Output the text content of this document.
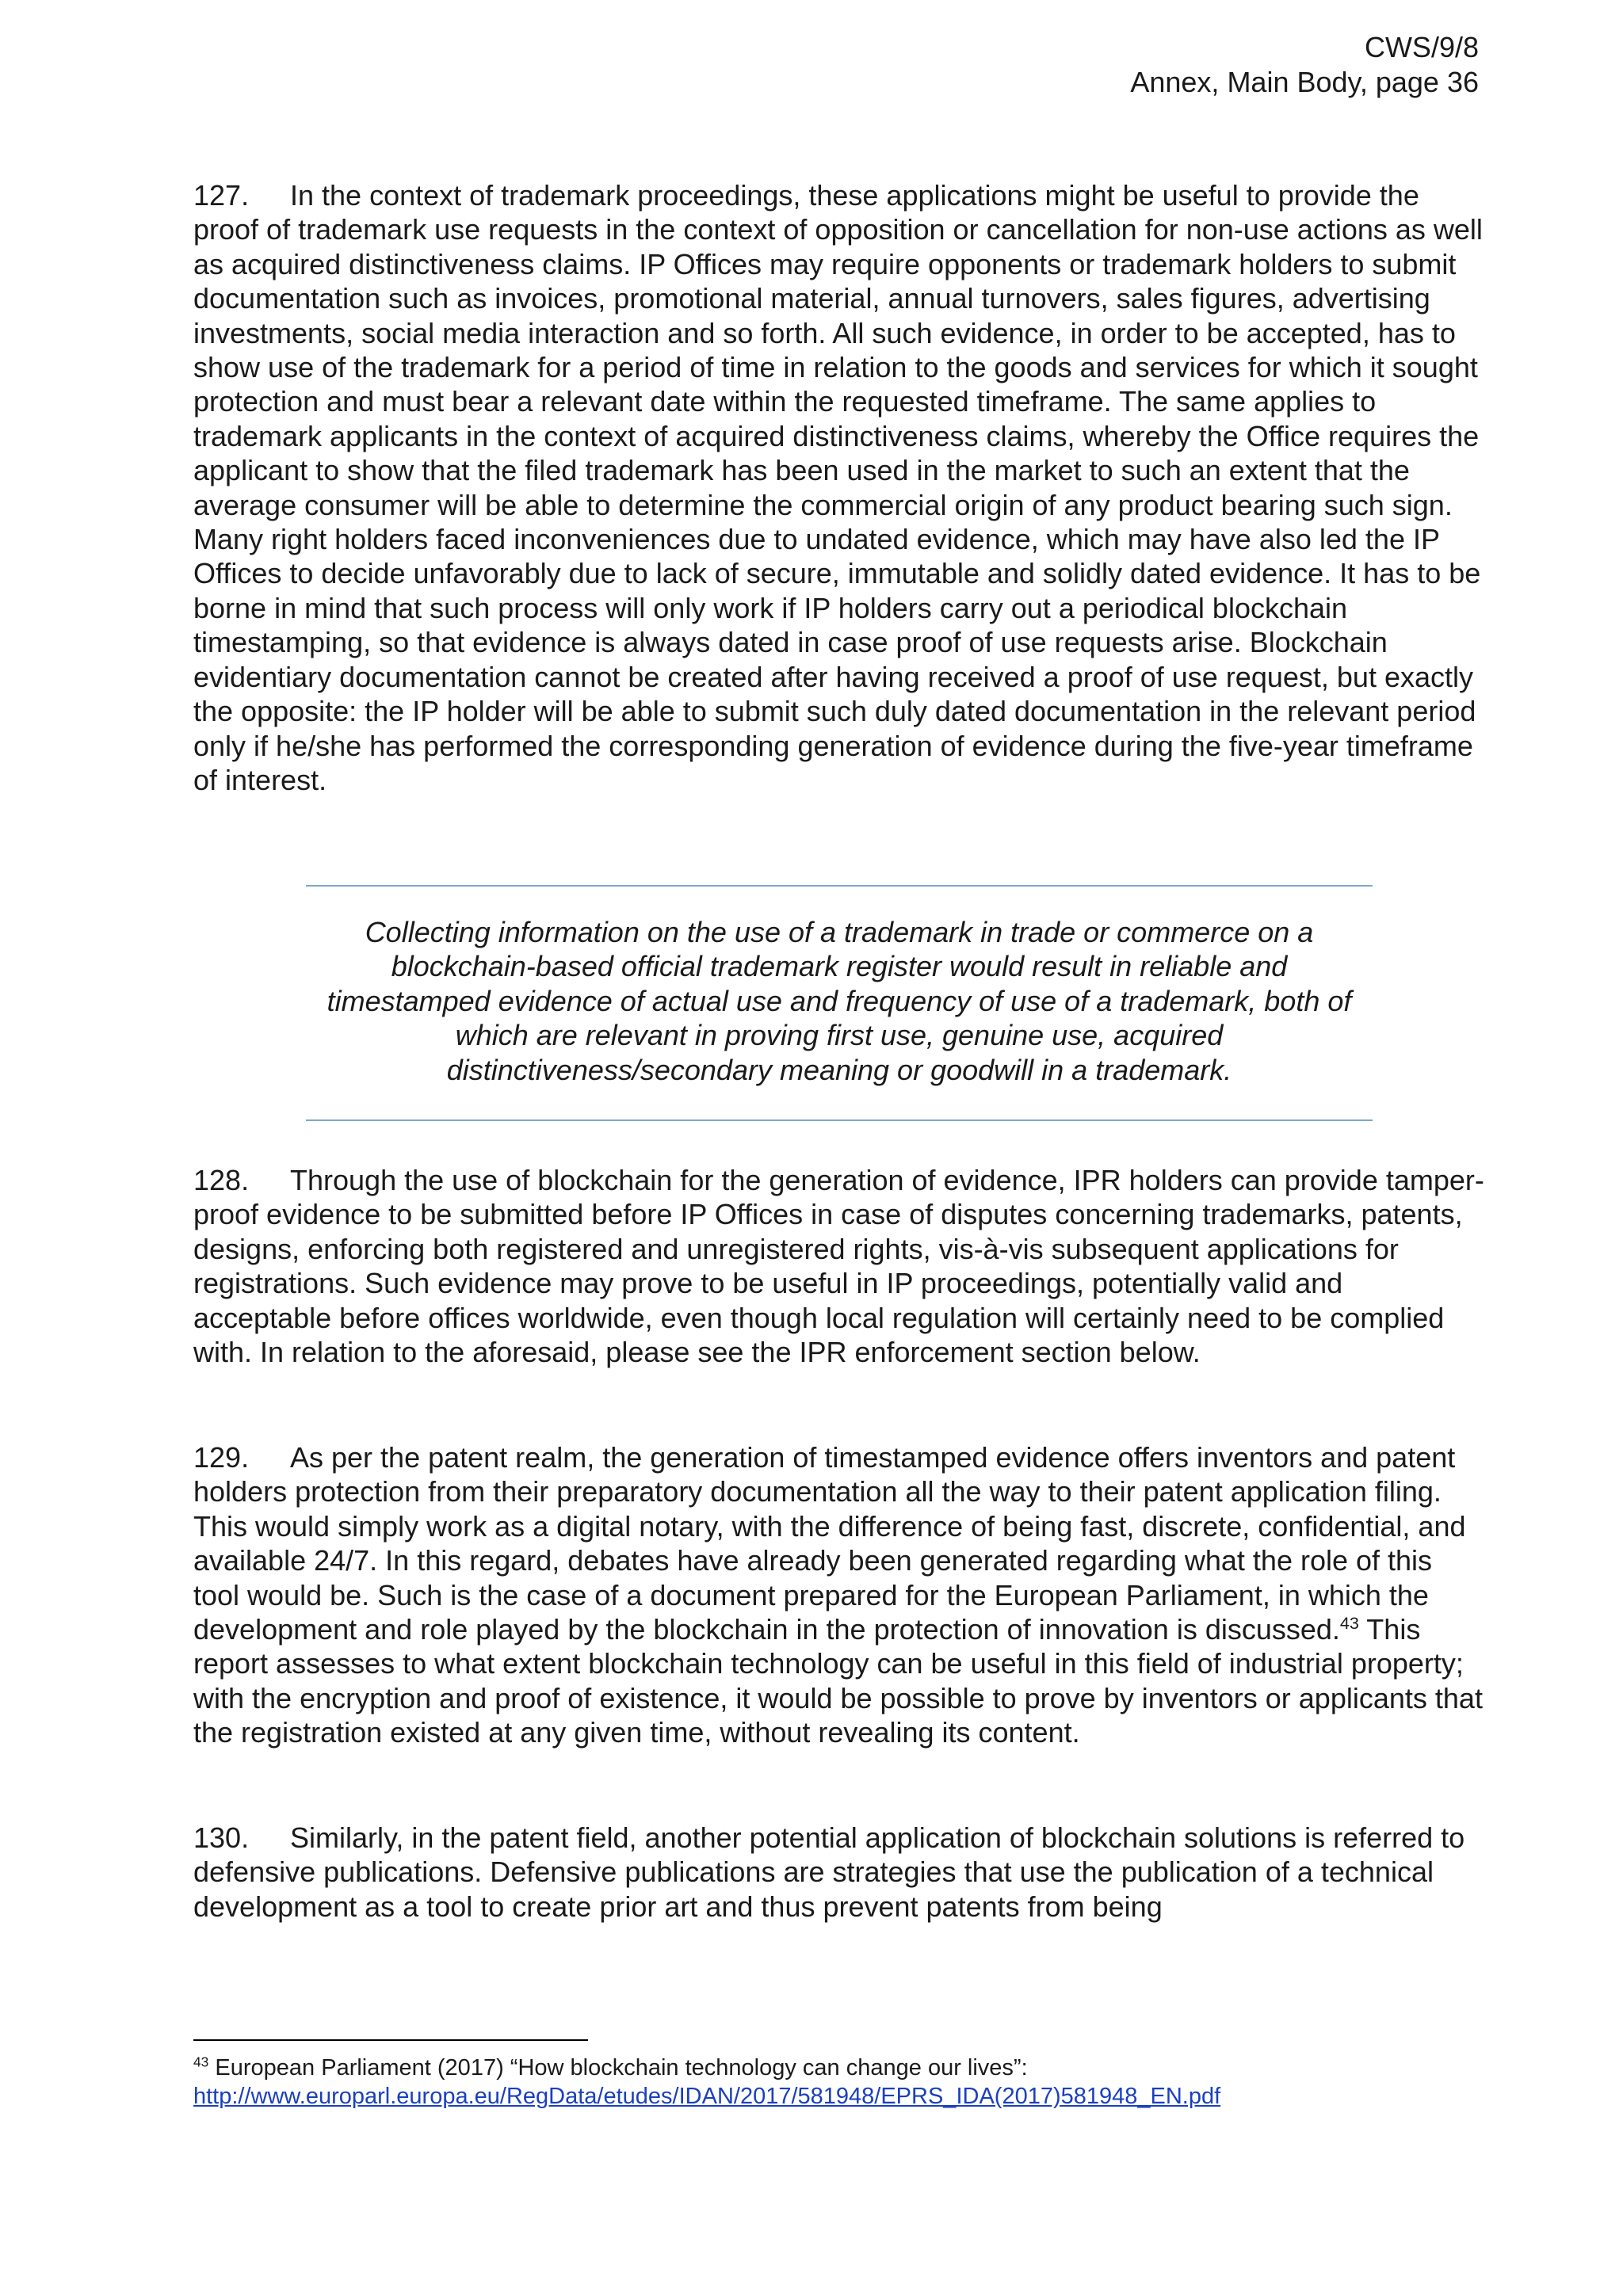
CWS/9/8
Annex, Main Body, page 36

127. In the context of trademark proceedings, these applications might be useful to provide the proof of trademark use requests in the context of opposition or cancellation for non-use actions as well as acquired distinctiveness claims. IP Offices may require opponents or trademark holders to submit documentation such as invoices, promotional material, annual turnovers, sales figures, advertising investments, social media interaction and so forth. All such evidence, in order to be accepted, has to show use of the trademark for a period of time in relation to the goods and services for which it sought protection and must bear a relevant date within the requested timeframe. The same applies to trademark applicants in the context of acquired distinctiveness claims, whereby the Office requires the applicant to show that the filed trademark has been used in the market to such an extent that the average consumer will be able to determine the commercial origin of any product bearing such sign. Many right holders faced inconveniences due to undated evidence, which may have also led the IP Offices to decide unfavorably due to lack of secure, immutable and solidly dated evidence. It has to be borne in mind that such process will only work if IP holders carry out a periodical blockchain timestamping, so that evidence is always dated in case proof of use requests arise. Blockchain evidentiary documentation cannot be created after having received a proof of use request, but exactly the opposite: the IP holder will be able to submit such duly dated documentation in the relevant period only if he/she has performed the corresponding generation of evidence during the five-year timeframe of interest.

Collecting information on the use of a trademark in trade or commerce on a blockchain-based official trademark register would result in reliable and timestamped evidence of actual use and frequency of use of a trademark, both of which are relevant in proving first use, genuine use, acquired distinctiveness/secondary meaning or goodwill in a trademark.

128. Through the use of blockchain for the generation of evidence, IPR holders can provide tamper-proof evidence to be submitted before IP Offices in case of disputes concerning trademarks, patents, designs, enforcing both registered and unregistered rights, vis-à-vis subsequent applications for registrations. Such evidence may prove to be useful in IP proceedings, potentially valid and acceptable before offices worldwide, even though local regulation will certainly need to be complied with. In relation to the aforesaid, please see the IPR enforcement section below.

129. As per the patent realm, the generation of timestamped evidence offers inventors and patent holders protection from their preparatory documentation all the way to their patent application filing. This would simply work as a digital notary, with the difference of being fast, discrete, confidential, and available 24/7. In this regard, debates have already been generated regarding what the role of this tool would be. Such is the case of a document prepared for the European Parliament, in which the development and role played by the blockchain in the protection of innovation is discussed.$^{43}$ This report assesses to what extent blockchain technology can be useful in this field of industrial property; with the encryption and proof of existence, it would be possible to prove by inventors or applicants that the registration existed at any given time, without revealing its content.

130. Similarly, in the patent field, another potential application of blockchain solutions is referred to defensive publications. Defensive publications are strategies that use the publication of a technical development as a tool to create prior art and thus prevent patents from being

$^{43}$ European Parliament (2017) “How blockchain technology can change our lives”:
http://www.europarl.europa.eu/RegData/etudes/IDAN/2017/581948/EPRS_IDA(2017)581948_EN.pdf
